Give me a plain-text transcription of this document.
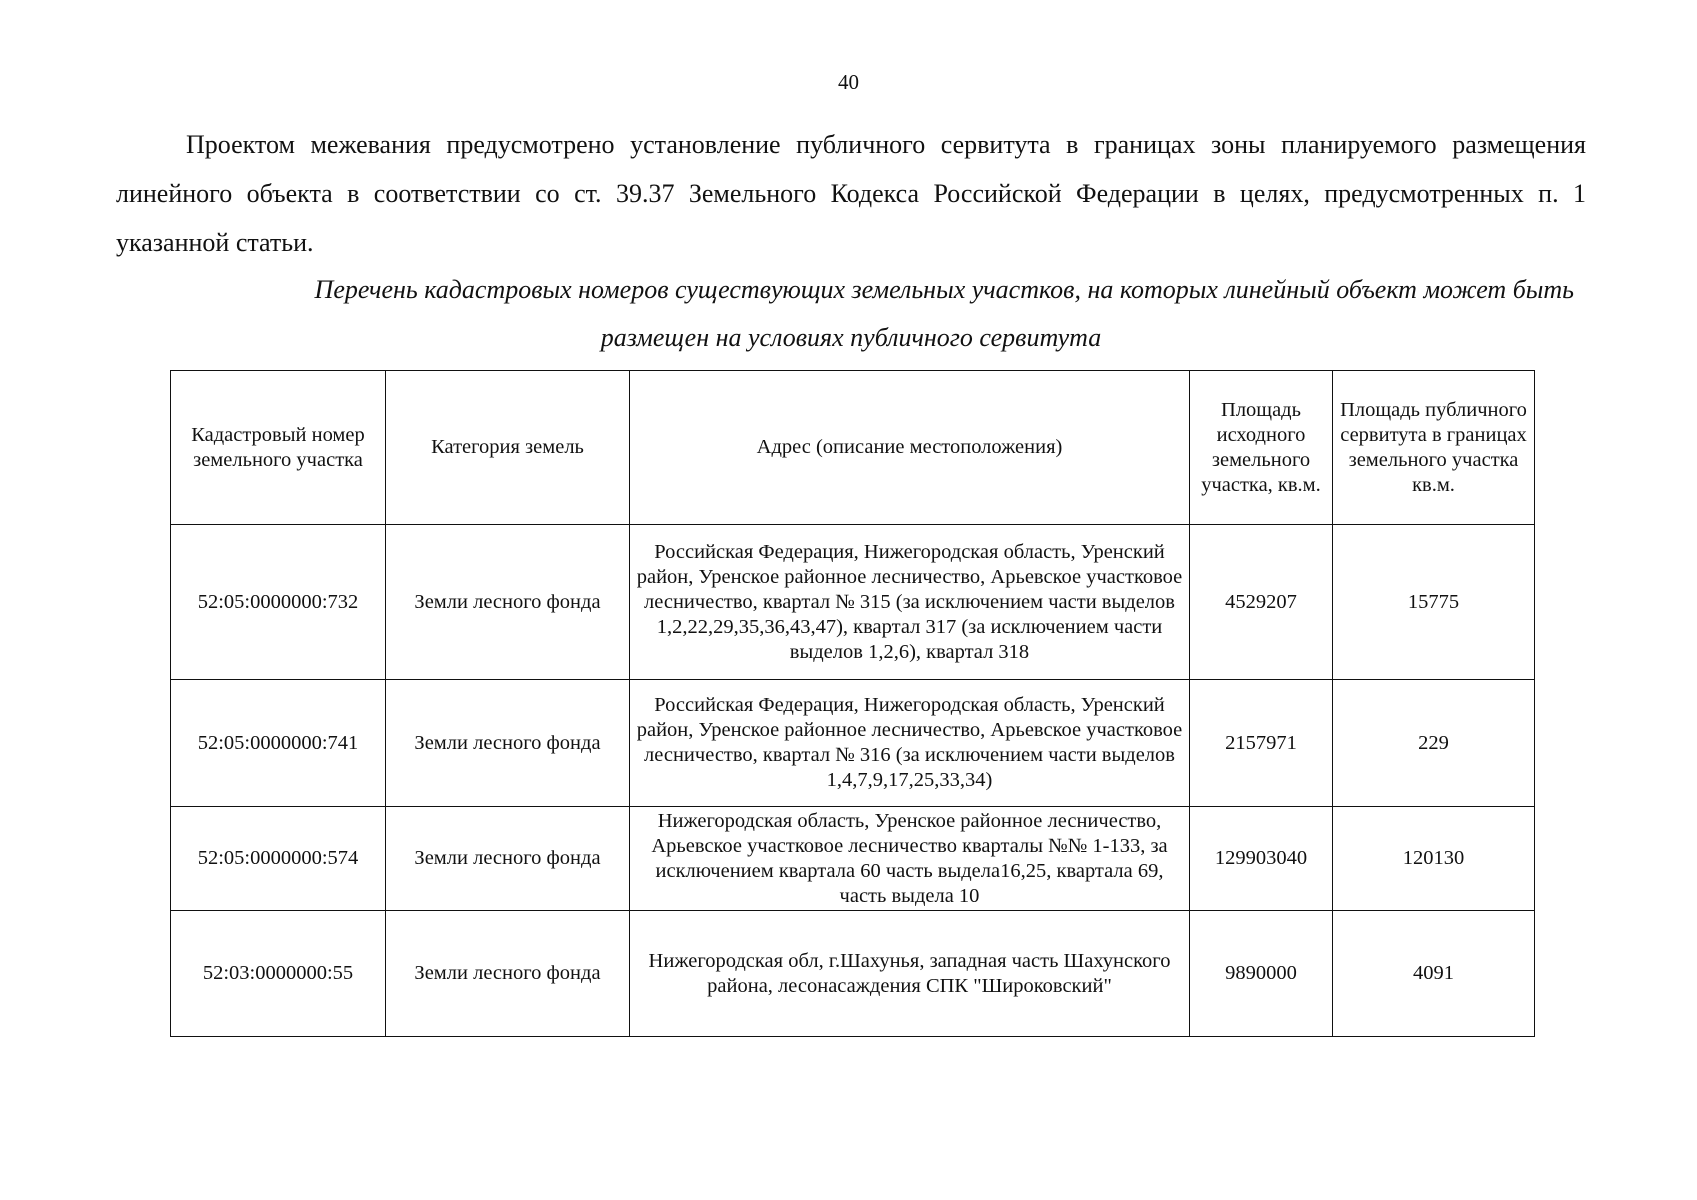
40

Проектом межевания предусмотрено установление публичного сервитута в границах зоны планируемого размещения линейного объекта в соответствии со ст. 39.37 Земельного Кодекса Российской Федерации в целях, предусмотренных п. 1 указанной статьи.

Перечень кадастровых номеров существующих земельных участков, на которых линейный объект может быть
размещен на условиях публичного сервитута
Кадастровый номер земельного участка	Категория земель	Адрес (описание местоположения)	Площадь исходного земельного участка, кв.м.	Площадь публичного сервитута в границах земельного участка кв.м.
52:05:0000000:732	Земли лесного фонда	Российская Федерация, Нижегородская область, Уренский район, Уренское районное лесничество, Арьевское участковое лесничество, квартал № 315 (за исключением части выделов 1,2,22,29,35,36,43,47), квартал 317 (за исключением части выделов 1,2,6), квартал 318	4529207	15775
52:05:0000000:741	Земли лесного фонда	Российская Федерация, Нижегородская область, Уренский район, Уренское районное лесничество, Арьевское участковое лесничество, квартал № 316 (за исключением части выделов 1,4,7,9,17,25,33,34)	2157971	229
52:05:0000000:574	Земли лесного фонда	Нижегородская область, Уренское районное лесничество, Арьевское участковое лесничество кварталы №№ 1-133, за исключением квартала 60 часть выдела16,25, квартала 69, часть выдела 10	129903040	120130
52:03:0000000:55	Земли лесного фонда	Нижегородская обл, г.Шахунья, западная часть Шахунского района, лесонасаждения СПК "Широковский"	9890000	4091
